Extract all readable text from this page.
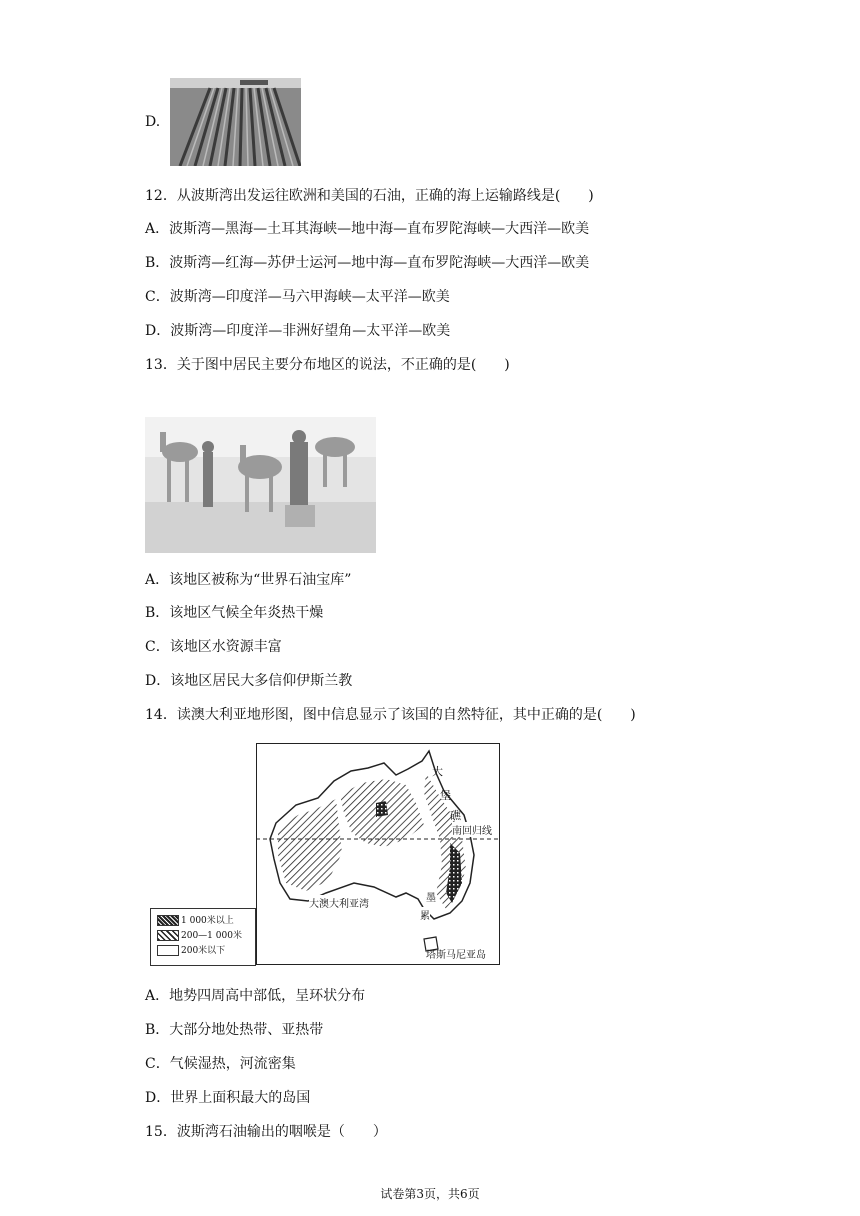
D.
12．从波斯湾出发运往欧洲和美国的石油，正确的海上运输路线是( )
A．波斯湾—黑海—土耳其海峡—地中海—直布罗陀海峡—大西洋—欧美
B．波斯湾—红海—苏伊士运河—地中海—直布罗陀海峡—大西洋—欧美
C．波斯湾—印度洋—马六甲海峡—太平洋—欧美
D．波斯湾—印度洋—非洲好望角—太平洋—欧美
13．关于图中居民主要分布地区的说法，不正确的是( )
A．该地区被称为“世界石油宝库”
B．该地区气候全年炎热干燥
C．该地区水资源丰富
D．该地区居民大多信仰伊斯兰教
14．读澳大利亚地形图，图中信息显示了该国的自然特征，其中正确的是( )
大
堡
礁
南回归线
大澳大利亚湾
墨
累
塔斯马尼亚岛
1 000米以上
200—1 000米
200米以下
A．地势四周高中部低，呈环状分布
B．大部分地处热带、亚热带
C．气候湿热，河流密集
D．世界上面积最大的岛国
15．波斯湾石油输出的咽喉是（ ）
试卷第3页，共6页
